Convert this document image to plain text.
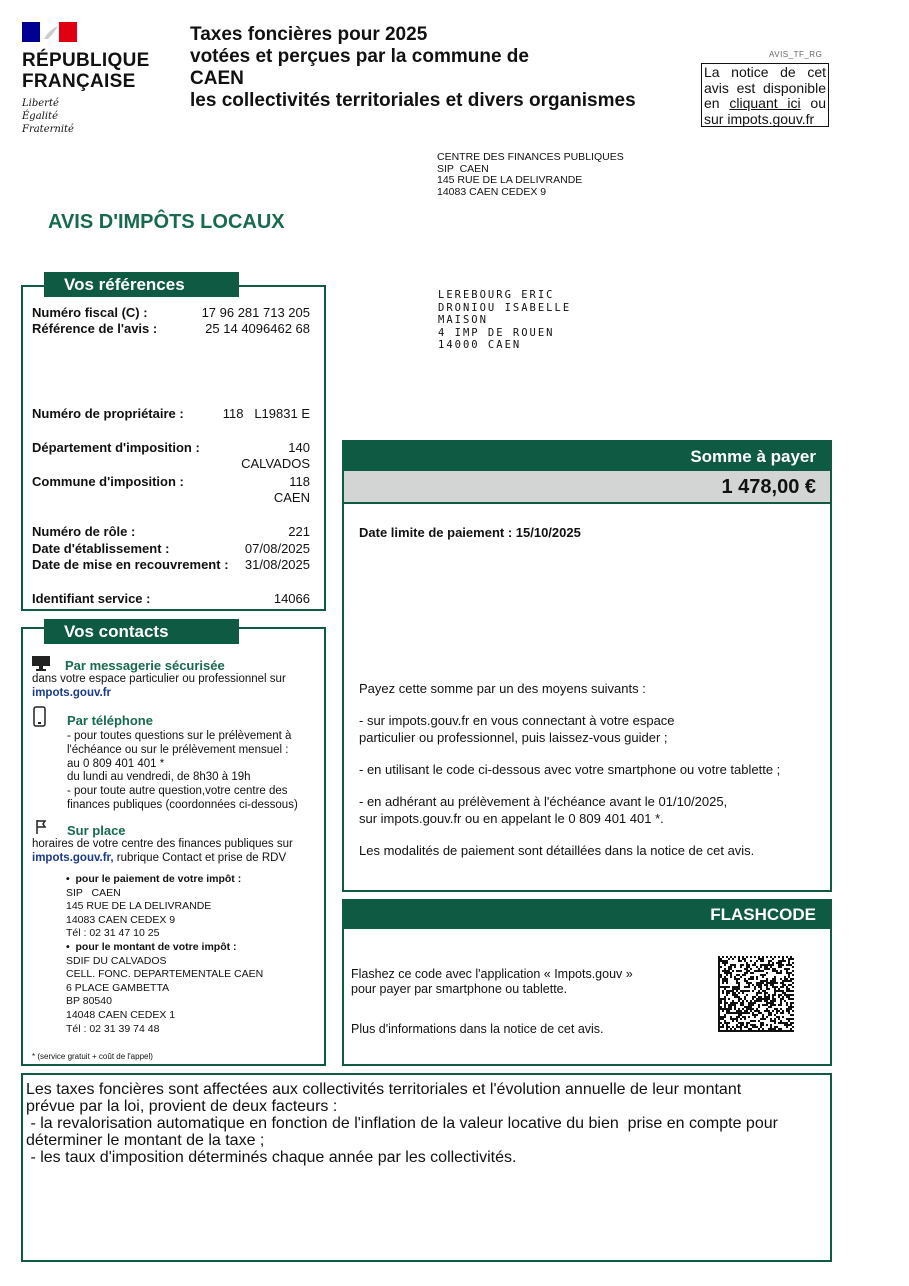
RÉPUBLIQUE
FRANÇAISE
Liberté
Égalité
Fraternité
Taxes foncières pour 2025
votées et perçues par la commune de
CAEN
les collectivités territoriales et divers organismes
AVIS_TF_RG
La notice de cet avis est disponible en cliquant ici ou sur impots.gouv.fr
CENTRE DES FINANCES PUBLIQUES
SIP  CAEN
145 RUE DE LA DELIVRANDE
14083 CAEN CEDEX 9
AVIS D'IMPÔTS LOCAUX
LEREBOURG ERIC
DRONIOU ISABELLE
MAISON
4 IMP DE ROUEN
14000 CAEN
Vos références
Numéro fiscal (C) :	17 96 281 713 205
Référence de l'avis :	25 14 4096462 68
Numéro de propriétaire :	118   L19831 E
Département d'imposition :	140
CALVADOS
Commune d'imposition :	118
CAEN
Numéro de rôle :	221
Date d'établissement :	07/08/2025
Date de mise en recouvrement :	31/08/2025
Identifiant service :	14066
Vos contacts
Par messagerie sécurisée
dans votre espace particulier ou professionnel sur
impots.gouv.fr
Par téléphone
- pour toutes questions sur le prélèvement à
l'échéance ou sur le prélèvement mensuel :
au 0 809 401 401 *
du lundi au vendredi, de 8h30 à 19h
- pour toute autre question,votre centre des
finances publiques (coordonnées ci-dessous)
Sur place
horaires de votre centre des finances publiques sur
impots.gouv.fr, rubrique Contact et prise de RDV
•  pour le paiement de votre impôt :
SIP   CAEN
145 RUE DE LA DELIVRANDE
14083 CAEN CEDEX 9
Tél : 02 31 47 10 25
•  pour le montant de votre impôt :
SDIF DU CALVADOS
CELL. FONC. DEPARTEMENTALE CAEN
6 PLACE GAMBETTA
BP 80540
14048 CAEN CEDEX 1
Tél : 02 31 39 74 48
* (service gratuit + coût de l'appel)
Somme à payer
1 478,00 €
Date limite de paiement : 15/10/2025
Payez cette somme par un des moyens suivants :
- sur impots.gouv.fr en vous connectant à votre espace
particulier ou professionnel, puis laissez-vous guider ;
- en utilisant le code ci-dessous avec votre smartphone ou votre tablette ;
- en adhérant au prélèvement à l'échéance avant le 01/10/2025,
sur impots.gouv.fr ou en appelant le 0 809 401 401 *.
Les modalités de paiement sont détaillées dans la notice de cet avis.
FLASHCODE
Flashez ce code avec l'application « Impots.gouv »
pour payer par smartphone ou tablette.
Plus d'informations dans la notice de cet avis.
Les taxes foncières sont affectées aux collectivités territoriales et l'évolution annuelle de leur montant
prévue par la loi, provient de deux facteurs :
- la revalorisation automatique en fonction de l'inflation de la valeur locative du bien  prise en compte pour
déterminer le montant de la taxe ;
- les taux d'imposition déterminés chaque année par les collectivités.
